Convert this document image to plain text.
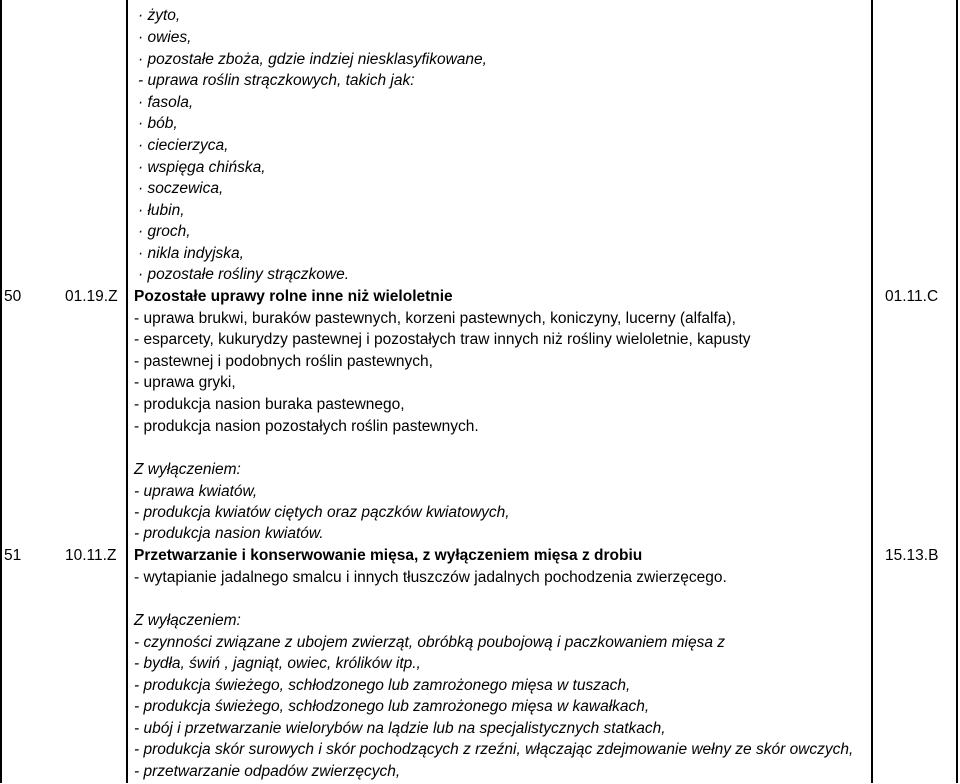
· żyto,
· owies,
· pozostałe zboża, gdzie indziej niesklasyfikowane,
- uprawa roślin strączkowych, takich jak:
· fasola,
· bób,
· ciecierzyca,
· wspięga chińska,
· soczewica,
· łubin,
· groch,
· nikla indyjska,
· pozostałe rośliny strączkowe.
50	01.19.Z Pozostałe uprawy rolne inne niż wieloletnie	01.11.C
- uprawa brukwi, buraków pastewnych, korzeni pastewnych, koniczyny, lucerny (alfalfa),
- esparcety, kukurydzy pastewnej i pozostałych traw innych niż rośliny wieloletnie, kapusty
- pastewnej i podobnych roślin pastewnych,
- uprawa gryki,
- produkcja nasion buraka pastewnego,
- produkcja nasion pozostałych roślin pastewnych.
Z wyłączeniem:
- uprawa kwiatów,
- produkcja kwiatów ciętych oraz pączków kwiatowych,
- produkcja nasion kwiatów.
51	10.11.Z Przetwarzanie i konserwowanie mięsa, z wyłączeniem mięsa z drobiu	15.13.B
- wytapianie jadalnego smalcu i innych tłuszczów jadalnych pochodzenia zwierzęcego.
Z wyłączeniem:
- czynności związane z ubojem zwierząt, obróbką poubojową i paczkowaniem mięsa z
- bydła, świń , jagniąt, owiec, królików itp.,
- produkcja świeżego, schłodzonego lub zamrożonego mięsa w tuszach,
- produkcja świeżego, schłodzonego lub zamrożonego mięsa w kawałkach,
- ubój i przetwarzanie wielorybów na lądzie lub na specjalistycznych statkach,
- produkcja skór surowych i skór pochodzących z rzeźni, włączając zdejmowanie wełny ze skór owczych,
- przetwarzanie odpadów zwierzęcych,
